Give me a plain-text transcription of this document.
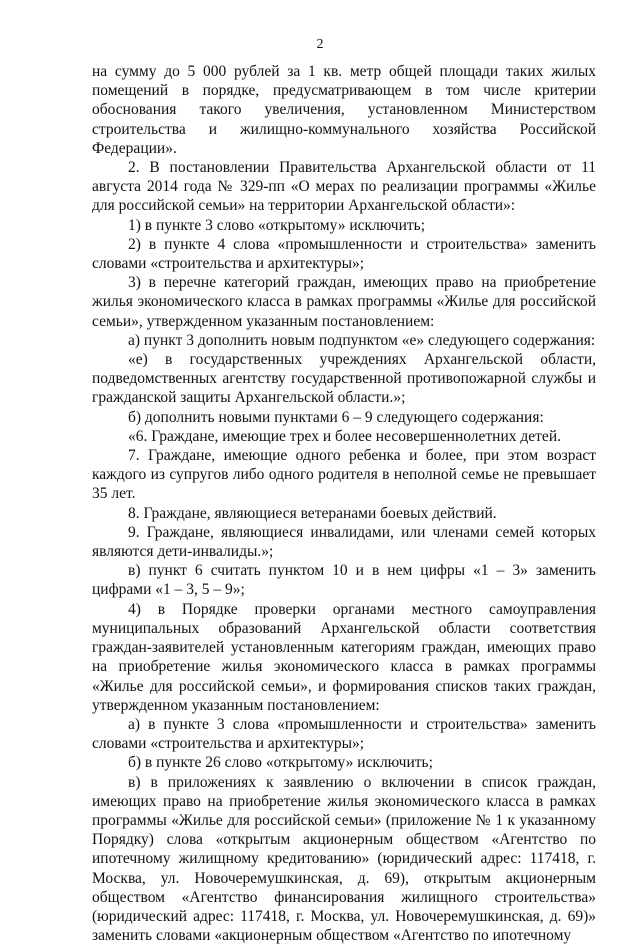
2

на сумму до 5 000 рублей за 1 кв. метр общей площади таких жилых помещений в порядке, предусматривающем в том числе критерии обоснования такого увеличения, установленном Министерством строительства и жилищно-коммунального хозяйства Российской Федерации».

2. В постановлении Правительства Архангельской области от 11 августа 2014 года № 329-пп «О мерах по реализации программы «Жилье для российской семьи» на территории Архангельской области»:

1) в пункте 3 слово «открытому» исключить;

2) в пункте 4 слова «промышленности и строительства» заменить словами «строительства и архитектуры»;

3) в перечне категорий граждан, имеющих право на приобретение жилья экономического класса в рамках программы «Жилье для российской семьи», утвержденном указанным постановлением:

а) пункт 3 дополнить новым подпунктом «е» следующего содержания:

«е) в государственных учреждениях Архангельской области, подведомственных агентству государственной противопожарной службы и гражданской защиты Архангельской области.»;

б) дополнить новыми пунктами 6 – 9 следующего содержания:

«6. Граждане, имеющие трех и более несовершеннолетних детей.

7. Граждане, имеющие одного ребенка и более, при этом возраст каждого из супругов либо одного родителя в неполной семье не превышает 35 лет.

8. Граждане, являющиеся ветеранами боевых действий.

9. Граждане, являющиеся инвалидами, или членами семей которых являются дети-инвалиды.»;

в) пункт 6 считать пунктом 10 и в нем цифры «1 – 3» заменить цифрами «1 – 3, 5 – 9»;

4) в Порядке проверки органами местного самоуправления муниципальных образований Архангельской области соответствия граждан-заявителей установленным категориям граждан, имеющих право на приобретение жилья экономического класса в рамках программы «Жилье для российской семьи», и формирования списков таких граждан, утвержденном указанным постановлением:

а) в пункте 3 слова «промышленности и строительства» заменить словами «строительства и архитектуры»;

б) в пункте 26 слово «открытому» исключить;

в) в приложениях к заявлению о включении в список граждан, имеющих право на приобретение жилья экономического класса в рамках программы «Жилье для российской семьи» (приложение № 1 к указанному Порядку) слова «открытым акционерным обществом «Агентство по ипотечному жилищному кредитованию» (юридический адрес: 117418, г. Москва, ул. Новочеремушкинская, д. 69), открытым акционерным обществом «Агентство финансирования жилищного строительства» (юридический адрес: 117418, г. Москва, ул. Новочеремушкинская, д. 69)» заменить словами «акционерным обществом «Агентство по ипотечному
